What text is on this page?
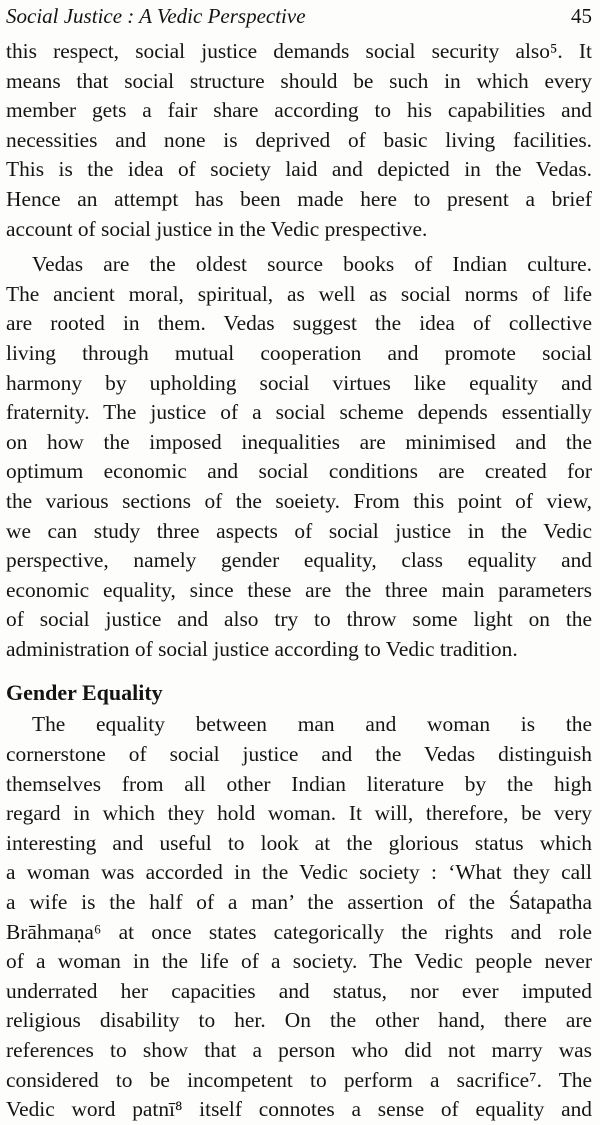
Social Justice : A Vedic Perspective	45

this respect, social justice demands social security also⁵. It
means that social structure should be such in which every
member gets a fair share according to his capabilities and
necessities and none is deprived of basic living facilities.
This is the idea of society laid and depicted in the Vedas.
Hence an attempt has been made here to present a brief
account of social justice in the Vedic prespective.

Vedas are the oldest source books of Indian culture.
The ancient moral, spiritual, as well as social norms of life
are rooted in them. Vedas suggest the idea of collective
living through mutual cooperation and promote social
harmony by upholding social virtues like equality and
fraternity. The justice of a social scheme depends essentially
on how the imposed inequalities are minimised and the
optimum economic and social conditions are created for
the various sections of the soeiety. From this point of view,
we can study three aspects of social justice in the Vedic
perspective, namely gender equality, class equality and
economic equality, since these are the three main parameters
of social justice and also try to throw some light on the
administration of social justice according to Vedic tradition.

Gender Equality

The equality between man and woman is the
cornerstone of social justice and the Vedas distinguish
themselves from all other Indian literature by the high
regard in which they hold woman. It will, therefore, be very
interesting and useful to look at the glorious status which
a woman was accorded in the Vedic society : ‘What they call
a wife is the half of a man’ the assertion of the Śatapatha
Brāhmaṇa⁶ at once states categorically the rights and role
of a woman in the life of a society. The Vedic people never
underrated her capacities and status, nor ever imputed
religious disability to her. On the other hand, there are
references to show that a person who did not marry was
considered to be incompetent to perform a sacrifice⁷. The
Vedic word patnī⁸ itself connotes a sense of equality and
